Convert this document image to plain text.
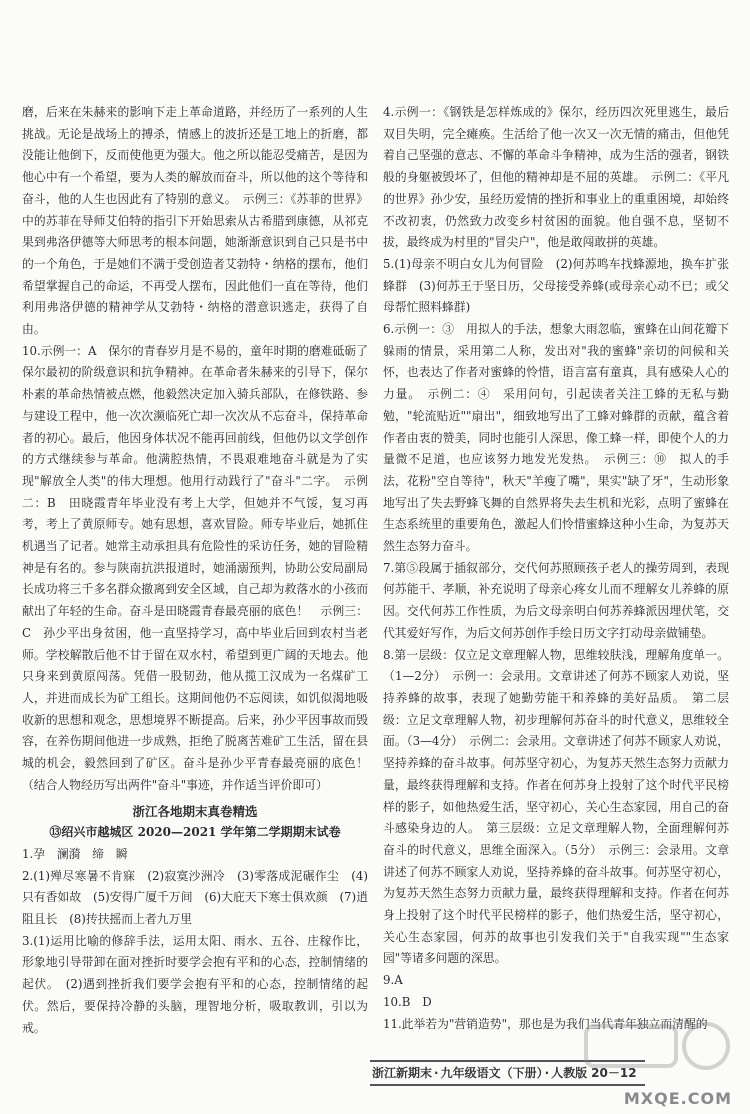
磨，后来在朱赫来的影响下走上革命道路，并经历了一系列的人生挑战。无论是战场上的搏杀，情感上的波折还是工地上的折磨，都没能让他倒下，反而使他更为强大。他之所以能忍受痛苦，是因为他心中有一个希望，要为人类的解放而奋斗，所以他的这个等待和奋斗，他的人生也因此有了特别的意义。　示例三：《苏菲的世界》中的苏菲在导师艾伯特的指引下开始思索从古希腊到康德，从祁克果到弗洛伊德等大师思考的根本问题，她渐渐意识到自己只是书中的一个角色，于是她们不满于受创造者艾勃特・纳格的摆布，他们希望掌握自己的命运，不再受人摆布，因此他们一直在等待，他们利用弗洛伊德的精神学从艾勃特・纳格的潜意识逃走，获得了自由。

10.示例一：A　保尔的青春岁月是不易的，童年时期的磨难砥砺了保尔最初的阶级意识和抗争精神。在革命者朱赫来的引导下，保尔朴素的革命热情被点燃，他毅然决定加入骑兵部队，在修铁路、参与建设工程中，他一次次濒临死亡却一次次从不忘奋斗，保持革命者的初心。最后，他因身体状况不能再回前线，但他仍以文学创作的方式继续参与革命。他满腔热情，不畏艰难地奋斗就是为了实现"解放全人类"的伟大理想。他用行动践行了"奋斗"二字。　示例二：B　田晓霞青年毕业没有考上大学，但她并不气馁，复习再考，考上了黄原师专。她有思想，喜欢冒险。师专毕业后，她抓住机遇当了记者。她常主动承担具有危险性的采访任务，她的冒险精神是有名的。参与陕南抗洪报道时，她涌溺预判，协助公安局副局长成功将三千多名群众撤离到安全区域，自己却为救落水的小孩而献出了年轻的生命。奋斗是田晓霞青春最亮丽的底色！　示例三：C　孙少平出身贫困，他一直坚持学习，高中毕业后回到农村当老师。学校解散后他不甘于留在双水村，希望到更广阔的天地去。他只身来到黄原闯荡。凭借一股韧劲，他从揽工汉成为一名煤矿工人，并进而成长为矿工组长。这期间他仍不忘阅读，如饥似渴地吸收新的思想和观念，思想境界不断提高。后来，孙少平因事故而毁容，在养伤期间他进一步成熟，拒绝了脱离苦难矿工生活，留在县城的机会，毅然回到了矿区。奋斗是孙少平青春最亮丽的底色！（结合人物经历写出两件"奋斗"事迹，并作适当评价即可）

浙江各地期末真卷精选

⑬绍兴市越城区 2020—2021 学年第二学期期末试卷

1.孕　澜漪　缔　瞬

2.(1)殚尽寒暑不肯寐　(2)寂寞沙洲冷　(3)零落成泥碾作尘　(4)只有香如故　(5)安得广厦千万间　(6)大庇天下寒士俱欢颜　(7)逍阻且长　(8)抟扶摇而上者九万里

3.(1)运用比喻的修辞手法，运用太阳、雨水、五谷、庄稼作比，形象地引导带卸在面对挫折时要学会抱有平和的心态，控制情绪的起伏。　(2)遇到挫折我们要学会抱有平和的心态，控制情绪的起伏。然后，要保持冷静的头脑，理智地分析，吸取教训，引以为戒。

4.示例一：《钢铁是怎样炼成的》保尔，经历四次死里逃生，最后双目失明，完全瘫痪。生活给了他一次又一次无情的痛击，但他凭着自己坚强的意志、不懈的革命斗争精神，成为生活的强者，钢铁般的身躯被毁坏了，但他的精神却是不屈的英雄。　示例二：《平凡的世界》孙少安，虽经历爱情的挫折和事业上的重重困境，却始终不改初衷，仍然致力改变乡村贫困的面貌。他自强不息，坚韧不拔，最终成为村里的"冒尖户"，他是敢闯敢拼的英雄。

5.(1)母亲不明白女儿为何冒险　(2)何苏鸣车找蜂源地，换车扩张蜂群　(3)何苏王于坚日历，父母接受养蜂(或母亲心动不已；或父母帮忙照料蜂群)

6.示例一：③　用拟人的手法，想象大雨忽临，蜜蜂在山间花瓣下躲雨的情景，采用第二人称，发出对"我的蜜蜂"亲切的问候和关怀，也表达了作者对蜜蜂的怜惜，语言富有童真，具有感染人心的力量。　示例二：④　采用问句，引起读者关注工蜂的无私与勤勉，"轮流贴近""扇出"，细致地写出了工蜂对蜂群的贡献，蕴含着作者由衷的赞美，同时也能引人深思，像工蜂一样，即使个人的力量微不足道，也应该努力地发光发热。　示例三：⑩　拟人的手法，花粉"空自等待"，秋天"羊瘦了嘴"，果实"缺了牙"，生动形象地写出了失去野蜂飞舞的自然界将失去生机和光彩，点明了蜜蜂在生态系统里的重要角色，激起人们怜惜蜜蜂这种小生命，为复苏天然生态努力奋斗。

7.第⑤段属于插叙部分，交代何苏照顾孩子老人的操劳周到，表现何苏能干、孝顺，补充说明了母亲心疼女儿而不理解女儿养蜂的原因。交代何苏工作性质，为后文母亲明白何苏养蜂派因埋伏笔，交代其爱好写作，为后文何苏创作手绘日历文字打动母亲做铺垫。

8.第一层级：仅立足文章理解人物，思维较肤浅，理解角度单一。（1—2分）　示例一：会录用。文章讲述了何苏不顾家人劝说，坚持养蜂的故事，表现了她勤劳能干和养蜂的美好品质。　第二层级：立足文章理解人物，初步理解何苏奋斗的时代意义，思维较全面。（3—4分）　示例二：会录用。文章讲述了何苏不顾家人劝说，坚持养蜂的奋斗故事。何苏坚守初心，为复苏天然生态努力贡献力量，最终获得理解和支持。作者在何苏身上投射了这个时代平民榜样的影子，如他热爱生活，坚守初心，关心生态家园，用自己的奋斗感染身边的人。　第三层级：立足文章理解人物，全面理解何苏奋斗的时代意义，思维全面深入。（5分）　示例三：会录用。文章讲述了何苏不顾家人劝说，坚持养蜂的奋斗故事。何苏坚守初心，为复苏天然生态努力贡献力量，最终获得理解和支持。作者在何苏身上投射了这个时代平民榜样的影子，他们热爱生活，坚守初心，关心生态家园，何苏的故事也引发我们关于"自我实现""生态家园"等诸多问题的深思。

9.A

10.B　D

11.此举若为"营销造势"，那也是为我们当代青年独立而清醒的

浙江新期末 · 九年级语文（下册） · 人教版 20－12
MXQE.COM
